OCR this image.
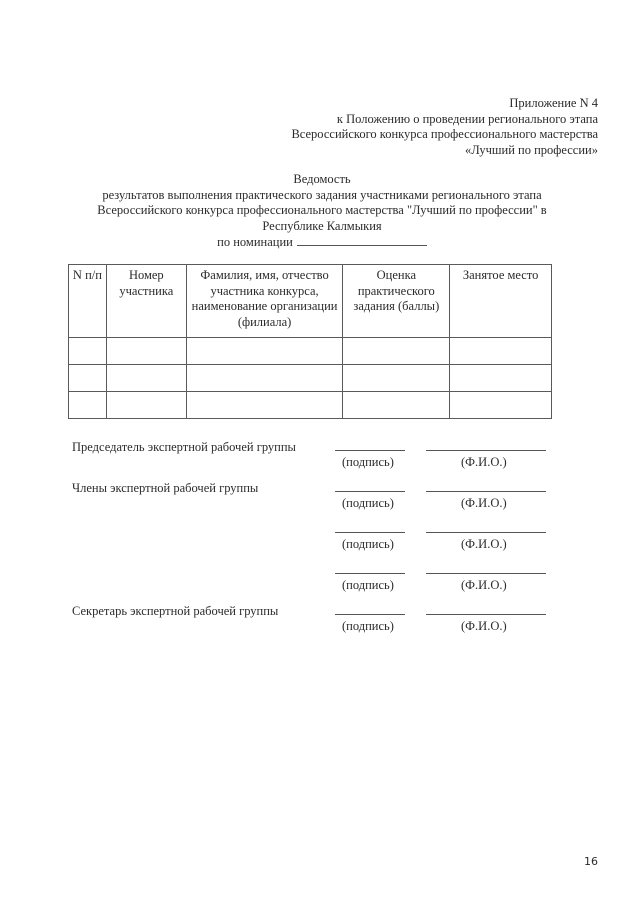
Приложение N 4
к Положению о проведении регионального этапа
Всероссийского конкурса профессионального мастерства
«Лучший по профессии»
Ведомость
результатов выполнения практического задания участниками регионального этапа
Всероссийского конкурса профессионального мастерства "Лучший по профессии" в
Республике Калмыкия
по номинации
N п/п	Номер участника	Фамилия, имя, отчество участника конкурса, наименование организации (филиала)	Оценка практического задания (баллы)	Занятое место

Председатель экспертной рабочей группы
(подпись)	(Ф.И.О.)
Члены экспертной рабочей группы
(подпись)	(Ф.И.О.)
(подпись)	(Ф.И.О.)
(подпись)	(Ф.И.О.)
Секретарь экспертной рабочей группы
(подпись)	(Ф.И.О.)
16
